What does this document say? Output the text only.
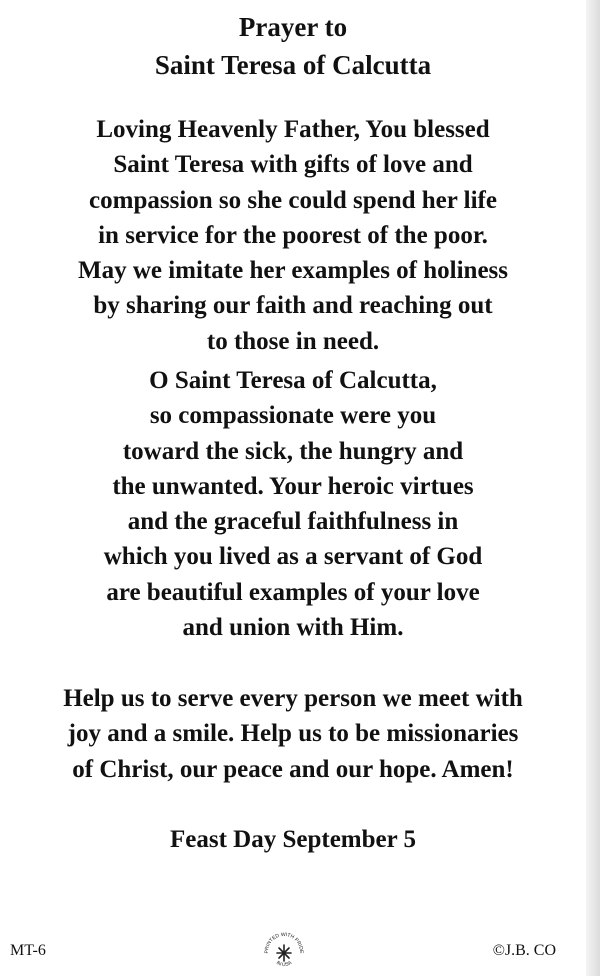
Prayer to
Saint Teresa of Calcutta
Loving Heavenly Father, You blessed
Saint Teresa with gifts of love and
compassion so she could spend her life
in service for the poorest of the poor.
May we imitate her examples of holiness
by sharing our faith and reaching out
to those in need.
O Saint Teresa of Calcutta,
so compassionate were you
toward the sick, the hungry and
the unwanted. Your heroic virtues
and the graceful faithfulness in
which you lived as a servant of God
are beautiful examples of your love
and union with Him.
Help us to serve every person we meet with
joy and a smile. Help us to be missionaries
of Christ, our peace and our hope. Amen!
Feast Day September 5
MT-6	PRINTED WITH PRIDE
IN USA
©J.B. CO
